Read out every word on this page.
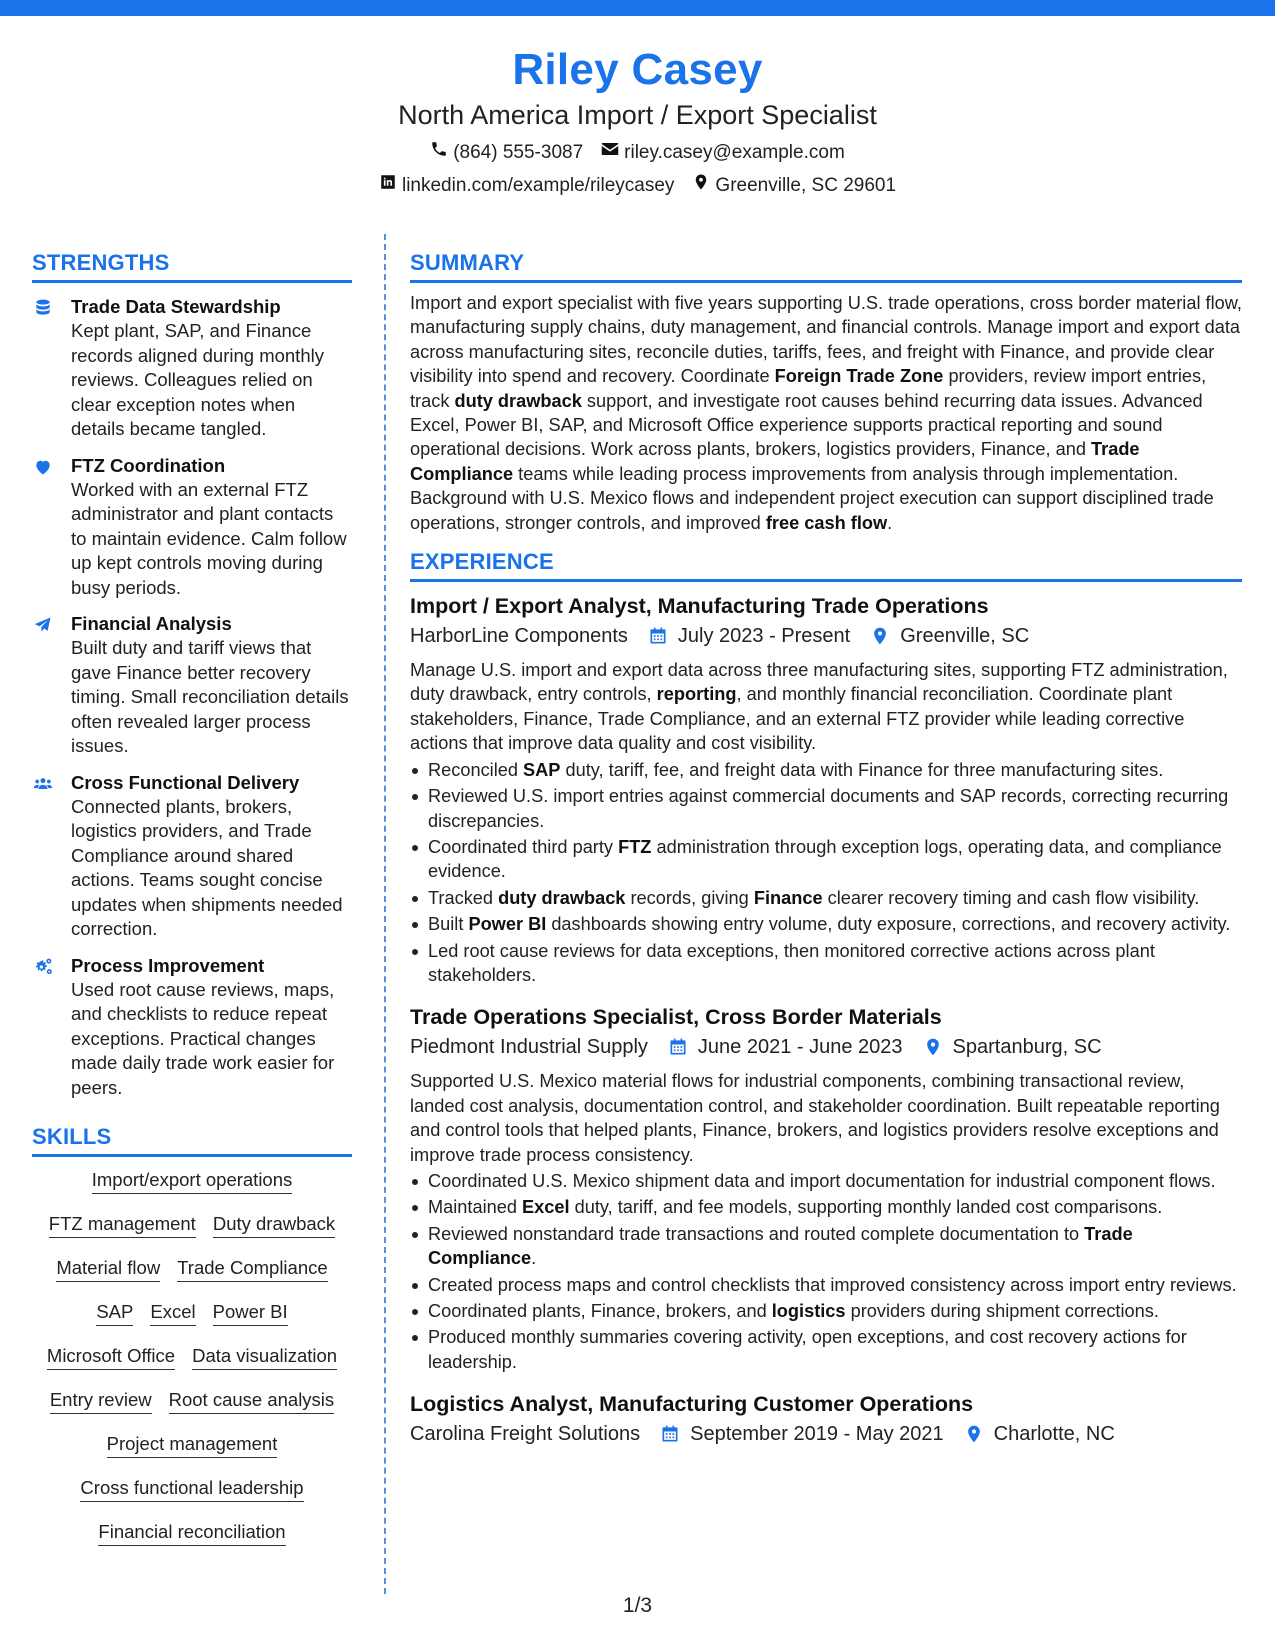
Riley Casey
North America Import / Export Specialist
(864) 555-3087 riley.casey@example.com
linkedin.com/example/rileycasey Greenville, SC 29601
STRENGTHS
Trade Data Stewardship
Kept plant, SAP, and Finance records aligned during monthly reviews. Colleagues relied on clear exception notes when details became tangled.
FTZ Coordination
Worked with an external FTZ administrator and plant contacts to maintain evidence. Calm follow up kept controls moving during busy periods.
Financial Analysis
Built duty and tariff views that gave Finance better recovery timing. Small reconciliation details often revealed larger process issues.
Cross Functional Delivery
Connected plants, brokers, logistics providers, and Trade Compliance around shared actions. Teams sought concise updates when shipments needed correction.
Process Improvement
Used root cause reviews, maps, and checklists to reduce repeat exceptions. Practical changes made daily trade work easier for peers.
SKILLS
Import/export operations
FTZ management Duty drawback
Material flow Trade Compliance
SAP Excel Power BI
Microsoft Office Data visualization
Entry review Root cause analysis
Project management
Cross functional leadership
Financial reconciliation
SUMMARY
Import and export specialist with five years supporting U.S. trade operations, cross border material flow, manufacturing supply chains, duty management, and financial controls. Manage import and export data across manufacturing sites, reconcile duties, tariffs, fees, and freight with Finance, and provide clear visibility into spend and recovery. Coordinate Foreign Trade Zone providers, review import entries, track duty drawback support, and investigate root causes behind recurring data issues. Advanced Excel, Power BI, SAP, and Microsoft Office experience supports practical reporting and sound operational decisions. Work across plants, brokers, logistics providers, Finance, and Trade Compliance teams while leading process improvements from analysis through implementation. Background with U.S. Mexico flows and independent project execution can support disciplined trade operations, stronger controls, and improved free cash flow.
EXPERIENCE
Import / Export Analyst, Manufacturing Trade Operations
HarborLine Components	July 2023 - Present	Greenville, SC
Manage U.S. import and export data across three manufacturing sites, supporting FTZ administration, duty drawback, entry controls, reporting, and monthly financial reconciliation. Coordinate plant stakeholders, Finance, Trade Compliance, and an external FTZ provider while leading corrective actions that improve data quality and cost visibility.
Reconciled SAP duty, tariff, fee, and freight data with Finance for three manufacturing sites.
Reviewed U.S. import entries against commercial documents and SAP records, correcting recurring discrepancies.
Coordinated third party FTZ administration through exception logs, operating data, and compliance evidence.
Tracked duty drawback records, giving Finance clearer recovery timing and cash flow visibility.
Built Power BI dashboards showing entry volume, duty exposure, corrections, and recovery activity.
Led root cause reviews for data exceptions, then monitored corrective actions across plant stakeholders.
Trade Operations Specialist, Cross Border Materials
Piedmont Industrial Supply	June 2021 - June 2023	Spartanburg, SC
Supported U.S. Mexico material flows for industrial components, combining transactional review, landed cost analysis, documentation control, and stakeholder coordination. Built repeatable reporting and control tools that helped plants, Finance, brokers, and logistics providers resolve exceptions and improve trade process consistency.
Coordinated U.S. Mexico shipment data and import documentation for industrial component flows.
Maintained Excel duty, tariff, and fee models, supporting monthly landed cost comparisons.
Reviewed nonstandard trade transactions and routed complete documentation to Trade Compliance.
Created process maps and control checklists that improved consistency across import entry reviews.
Coordinated plants, Finance, brokers, and logistics providers during shipment corrections.
Produced monthly summaries covering activity, open exceptions, and cost recovery actions for leadership.
Logistics Analyst, Manufacturing Customer Operations
Carolina Freight Solutions	September 2019 - May 2021	Charlotte, NC
1/3
